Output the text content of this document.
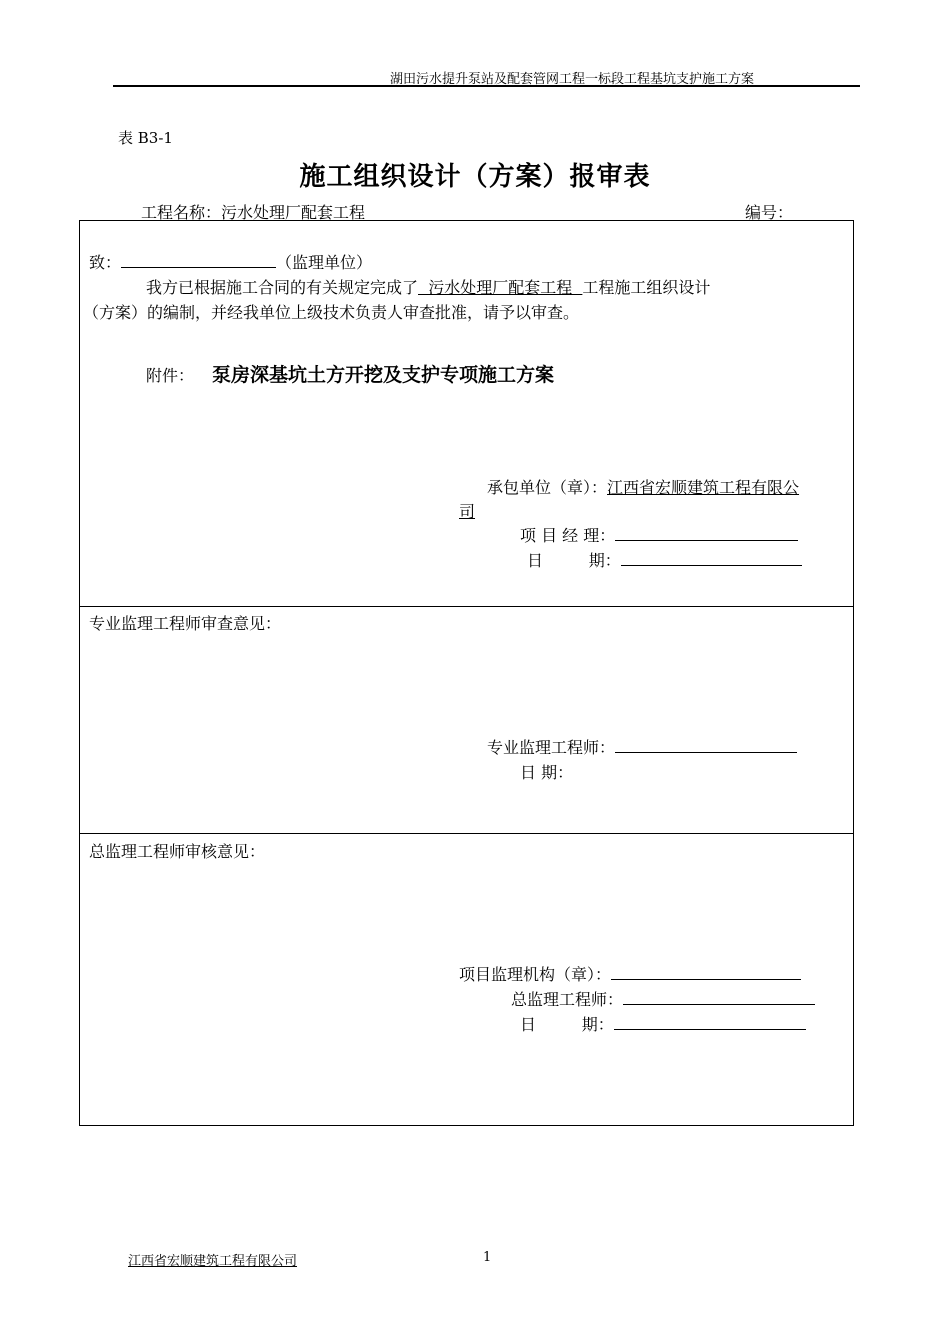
湖田污水提升泵站及配套管网工程一标段工程基坑支护施工方案
表 B3-1
施工组织设计（方案）报审表
工程名称：污水处理厂配套工程	编号：
致：	（监理单位）
我方已根据施工合同的有关规定完成了  污水处理厂配套工程  工程施工组织设计
（方案）的编制，并经我单位上级技术负责人审查批准，请予以审查。
附件： 泵房深基坑土方开挖及支护专项施工方案
承包单位（章）：江西省宏顺建筑工程有限公
司
项 目 经 理：
日         期：
专业监理工程师审查意见：
专业监理工程师：
日 期：
总监理工程师审核意见：
项目监理机构（章）：
总监理工程师：
日         期：
江西省宏顺建筑工程有限公司	1
